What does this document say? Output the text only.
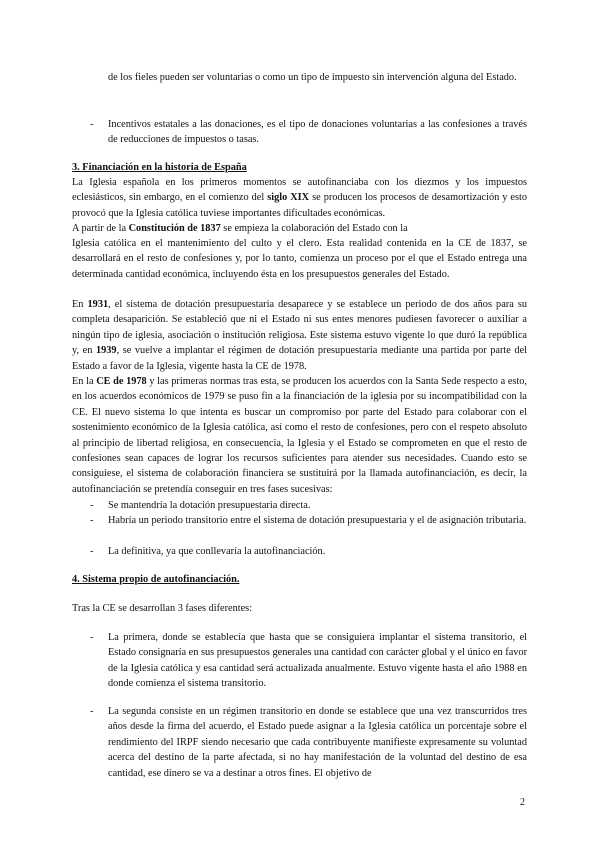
de los fieles pueden ser voluntarias o como un tipo de impuesto sin intervención alguna del Estado.
- Incentivos estatales a las donaciones, es el tipo de donaciones voluntarias a las confesiones a través de reducciones de impuestos o tasas.
3. Financiación en la historia de España
La Iglesia española en los primeros momentos se autofinanciaba con los diezmos y los impuestos eclesiásticos, sin embargo, en el comienzo del siglo XIX se producen los procesos de desamortización y esto provocó que la Iglesia católica tuviese importantes dificultades económicas.
A partir de la Constitución de 1837 se empieza la colaboración del Estado con la
Iglesia católica en el mantenimiento del culto y el clero. Esta realidad contenida en la CE de 1837, se desarrollará en el resto de confesiones y, por lo tanto, comienza un proceso por el que el Estado entrega una determinada cantidad económica, incluyendo ésta en los presupuestos generales del Estado.
En 1931, el sistema de dotación presupuestaria desaparece y se establece un periodo de dos años para su completa desaparición. Se estableció que ni el Estado ni sus entes menores pudiesen favorecer o auxiliar a ningún tipo de iglesia, asociación o institución religiosa. Este sistema estuvo vigente lo que duró la república y, en 1939, se vuelve a implantar el régimen de dotación presupuestaria mediante una partida por parte del Estado a favor de la Iglesia, vigente hasta la CE de 1978.
En la CE de 1978 y las primeras normas tras esta, se producen los acuerdos con la Santa Sede respecto a esto, en los acuerdos económicos de 1979 se puso fin a la financiación de la iglesia por su incompatibilidad con la CE. El nuevo sistema lo que intenta es buscar un compromiso por parte del Estado para colaborar con el sostenimiento económico de la Iglesia católica, así como el resto de confesiones, pero con el respeto absoluto al principio de libertad religiosa, en consecuencia, la Iglesia y el Estado se comprometen en que el resto de confesiones sean capaces de lograr los recursos suficientes para atender sus necesidades. Cuando esto se consiguiese, el sistema de colaboración financiera se sustituirá por la llamada autofinanciación, es decir, la autofinanciación se pretendía conseguir en tres fases sucesivas:
- Se mantendría la dotación presupuestaria directa.
- Habría un periodo transitorio entre el sistema de dotación presupuestaria y el de asignación tributaria.
- La definitiva, ya que conllevaría la autofinanciación.
4. Sistema propio de autofinanciación.
Tras la CE se desarrollan 3 fases diferentes:
- La primera, donde se establecía que hasta que se consiguiera implantar el sistema transitorio, el Estado consignaría en sus presupuestos generales una cantidad con carácter global y el único en favor de la Iglesia católica y esa cantidad será actualizada anualmente. Estuvo vigente hasta el año 1988 en donde comienza el sistema transitorio.
- La segunda consiste en un régimen transitorio en donde se establece que una vez transcurridos tres años desde la firma del acuerdo, el Estado puede asignar a la Iglesia católica un porcentaje sobre el rendimiento del IRPF siendo necesario que cada contribuyente manifieste expresamente su voluntad acerca del destino de la parte afectada, si no hay manifestación de la voluntad del destino de esa cantidad, ese dinero se va a destinar a otros fines. El objetivo de
2
